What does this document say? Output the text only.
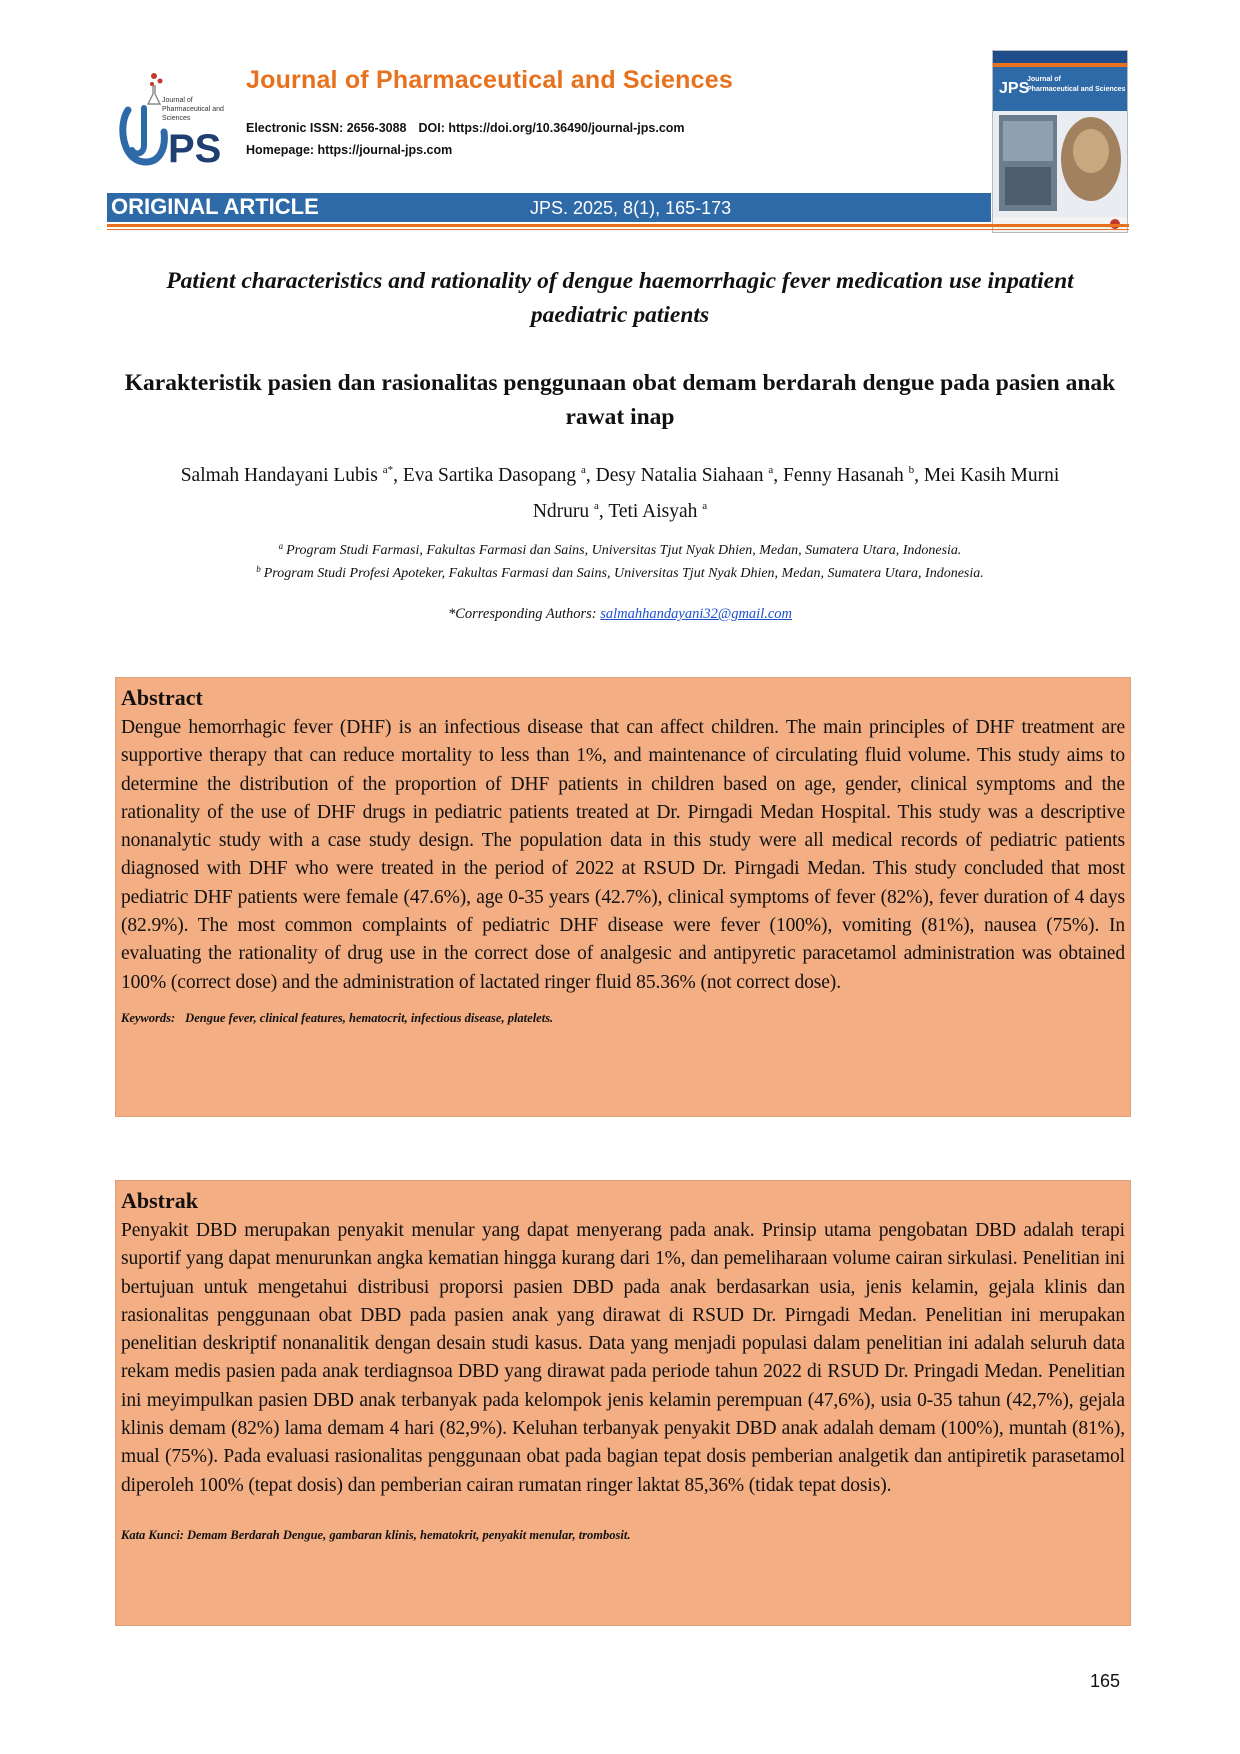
PS
Journal of
Pharmaceutical and
Sciences
Journal of Pharmaceutical and Sciences
Electronic ISSN: 2656-3088 DOI: https://doi.org/10.36490/journal-jps.com
Homepage: https://journal-jps.com
Journal of
Pharmaceutical and Sciences
JPS
ORIGINAL ARTICLE	JPS. 2025, 8(1), 165-173
Patient characteristics and rationality of dengue haemorrhagic fever medication use inpatient paediatric patients
Karakteristik pasien dan rasionalitas penggunaan obat demam berdarah dengue pada pasien anak rawat inap
Salmah Handayani Lubis $^{a*}$, Eva Sartika Dasopang $^a$, Desy Natalia Siahaan $^a$, Fenny Hasanah $^b$, Mei Kasih Murni Ndruru $^a$, Teti Aisyah $^a$
$^a$ Program Studi Farmasi, Fakultas Farmasi dan Sains, Universitas Tjut Nyak Dhien, Medan, Sumatera Utara, Indonesia.
$^b$ Program Studi Profesi Apoteker, Fakultas Farmasi dan Sains, Universitas Tjut Nyak Dhien, Medan, Sumatera Utara, Indonesia.
*Corresponding Authors: salmahhandayani32@gmail.com
Abstract

Dengue hemorrhagic fever (DHF) is an infectious disease that can affect children. The main principles of DHF treatment are supportive therapy that can reduce mortality to less than 1%, and maintenance of circulating fluid volume. This study aims to determine the distribution of the proportion of DHF patients in children based on age, gender, clinical symptoms and the rationality of the use of DHF drugs in pediatric patients treated at Dr. Pirngadi Medan Hospital. This study was a descriptive nonanalytic study with a case study design. The population data in this study were all medical records of pediatric patients diagnosed with DHF who were treated in the period of 2022 at RSUD Dr. Pirngadi Medan. This study concluded that most pediatric DHF patients were female (47.6%), age 0-35 years (42.7%), clinical symptoms of fever (82%), fever duration of 4 days (82.9%). The most common complaints of pediatric DHF disease were fever (100%), vomiting (81%), nausea (75%). In evaluating the rationality of drug use in the correct dose of analgesic and antipyretic paracetamol administration was obtained 100% (correct dose) and the administration of lactated ringer fluid 85.36% (not correct dose).

Keywords: Dengue fever, clinical features, hematocrit, infectious disease, platelets.
Abstrak

Penyakit DBD merupakan penyakit menular yang dapat menyerang pada anak. Prinsip utama pengobatan DBD adalah terapi suportif yang dapat menurunkan angka kematian hingga kurang dari 1%, dan pemeliharaan volume cairan sirkulasi. Penelitian ini bertujuan untuk mengetahui distribusi proporsi pasien DBD pada anak berdasarkan usia, jenis kelamin, gejala klinis dan rasionalitas penggunaan obat DBD pada pasien anak yang dirawat di RSUD Dr. Pirngadi Medan. Penelitian ini merupakan penelitian deskriptif nonanalitik dengan desain studi kasus. Data yang menjadi populasi dalam penelitian ini adalah seluruh data rekam medis pasien pada anak terdiagnsoa DBD yang dirawat pada periode tahun 2022 di RSUD Dr. Pringadi Medan. Penelitian ini meyimpulkan pasien DBD anak terbanyak pada kelompok jenis kelamin perempuan (47,6%), usia 0-35 tahun (42,7%), gejala klinis demam (82%) lama demam 4 hari (82,9%). Keluhan terbanyak penyakit DBD anak adalah demam (100%), muntah (81%), mual (75%). Pada evaluasi rasionalitas penggunaan obat pada bagian tepat dosis pemberian analgetik dan antipiretik parasetamol diperoleh 100% (tepat dosis) dan pemberian cairan rumatan ringer laktat 85,36% (tidak tepat dosis).

Kata Kunci: Demam Berdarah Dengue, gambaran klinis, hematokrit, penyakit menular, trombosit.
165
